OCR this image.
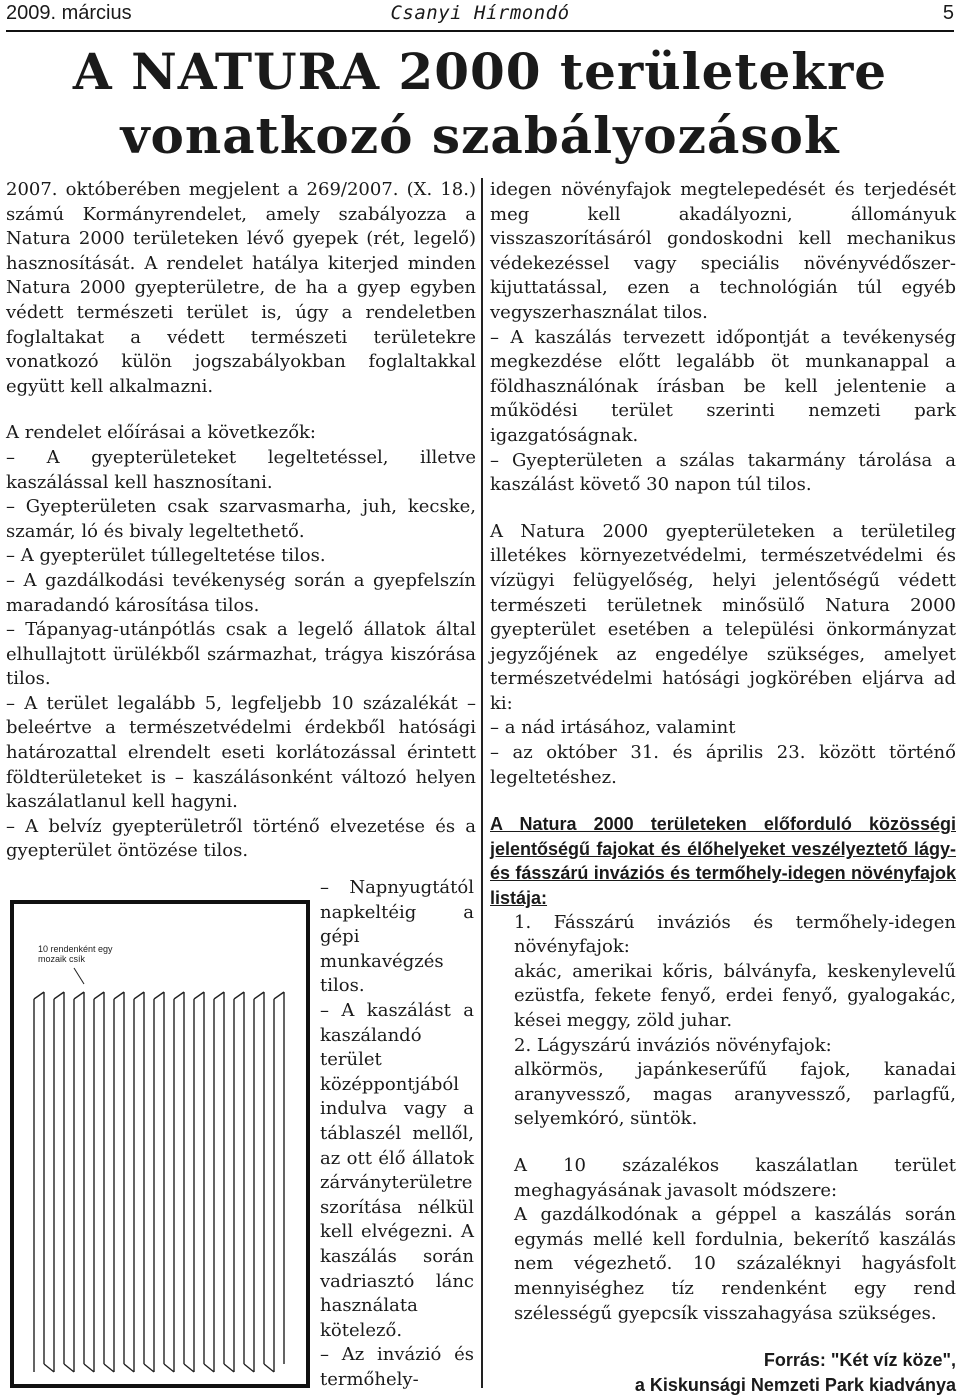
2009. március	Csanyi Hírmondó	5
A NATURA 2000 területekre
vonatkozó szabályozások

2007. októberében megjelent a 269/2007. (X. 18.) számú Kormányrendelet, amely szabályozza a Natura 2000 területeken lévő gyepek (rét, legelő) hasznosítását. A rendelet hatálya kiterjed minden Natura 2000 gyepterületre, de ha a gyep egyben védett természeti terület is, úgy a rendeletben foglaltakat a védett természeti területekre vonatkozó külön jogszabályokban foglaltakkal együtt kell alkalmazni.

A rendelet előírásai a következők:

– A gyepterületeket legeltetéssel, illetve kaszálással kell hasznosítani.

– Gyepterületen csak szarvasmarha, juh, kecske, szamár, ló és bivaly legeltethető.

– A gyepterület túllegeltetése tilos.

– A gazdálkodási tevékenység során a gyepfelszín maradandó károsítása tilos.

– Tápanyag-utánpótlás csak a legelő állatok által elhullajtott ürülékből származhat, trágya kiszórása tilos.

– A terület legalább 5, legfeljebb 10 százalékát – beleértve a természetvédelmi érdekből hatósági határozattal elrendelt eseti korlátozással érintett földterületeket is – kaszálásonként változó helyen kaszálatlanul kell hagyni.

– A belvíz gyepterületről történő elvezetése és a gyepterület öntözése tilos.

– Napnyugtától napkeltéig a gépi munkavégzés tilos.

– A kaszálást a kaszálandó terület középpontjából indulva vagy a táblaszél mellől, az ott élő állatok zárványterületre szorítása nélkül kell elvégezni. A kaszálás során vadriasztó lánc használata kötelező.

– Az invázió és termőhely-

10 rendenként egy
mozaik csík

idegen növényfajok megtelepedését és terjedését meg kell akadályozni, állományuk visszaszorításáról gondoskodni kell mechanikus védekezéssel vagy speciális növényvédőszer-kijuttatással, ezen a technológián túl egyéb vegyszerhasználat tilos.

– A kaszálás tervezett időpontját a tevékenység megkezdése előtt legalább öt munkanappal a földhasználónak írásban be kell jelentenie a működési terület szerinti nemzeti park igazgatóságnak.

– Gyepterületen a szálas takarmány tárolása a kaszálást követő 30 napon túl tilos.

A Natura 2000 gyepterületeken a területileg illetékes környezetvédelmi, természetvédelmi és vízügyi felügyelőség, helyi jelentőségű védett természeti területnek minősülő Natura 2000 gyepterület esetében a települési önkormányzat jegyzőjének az engedélye szükséges, amelyet természetvédelmi hatósági jogkörében eljárva ad ki:

– a nád irtásához, valamint

– az október 31. és április 23. között történő legeltetéshez.

A Natura 2000 területeken előforduló közösségi jelentőségű fajokat és élőhelyeket veszélyeztető lágy- és fásszárú inváziós és termőhely-idegen növényfajok listája:

1. Fásszárú inváziós és termőhely-idegen növényfajok:

akác, amerikai kőris, bálványfa, keskenylevelű ezüstfa, fekete fenyő, erdei fenyő, gyalogakác, kései meggy, zöld juhar.

2. Lágyszárú inváziós növényfajok:

alkörmös, japánkeserűfű fajok, kanadai aranyvessző, magas aranyvessző, parlagfű, selyemkóró, süntök.

A 10 százalékos kaszálatlan terület meghagyásának javasolt módszere:

A gazdálkodónak a géppel a kaszálás során egymás mellé kell fordulnia, bekerítő kaszálás nem végezhető. 10 százaléknyi hagyásfolt mennyiséghez tíz rendenként egy rend szélességű gyepcsík visszahagyása szükséges.

Forrás: "Két víz köze",

a Kiskunsági Nemzeti Park kiadványa
